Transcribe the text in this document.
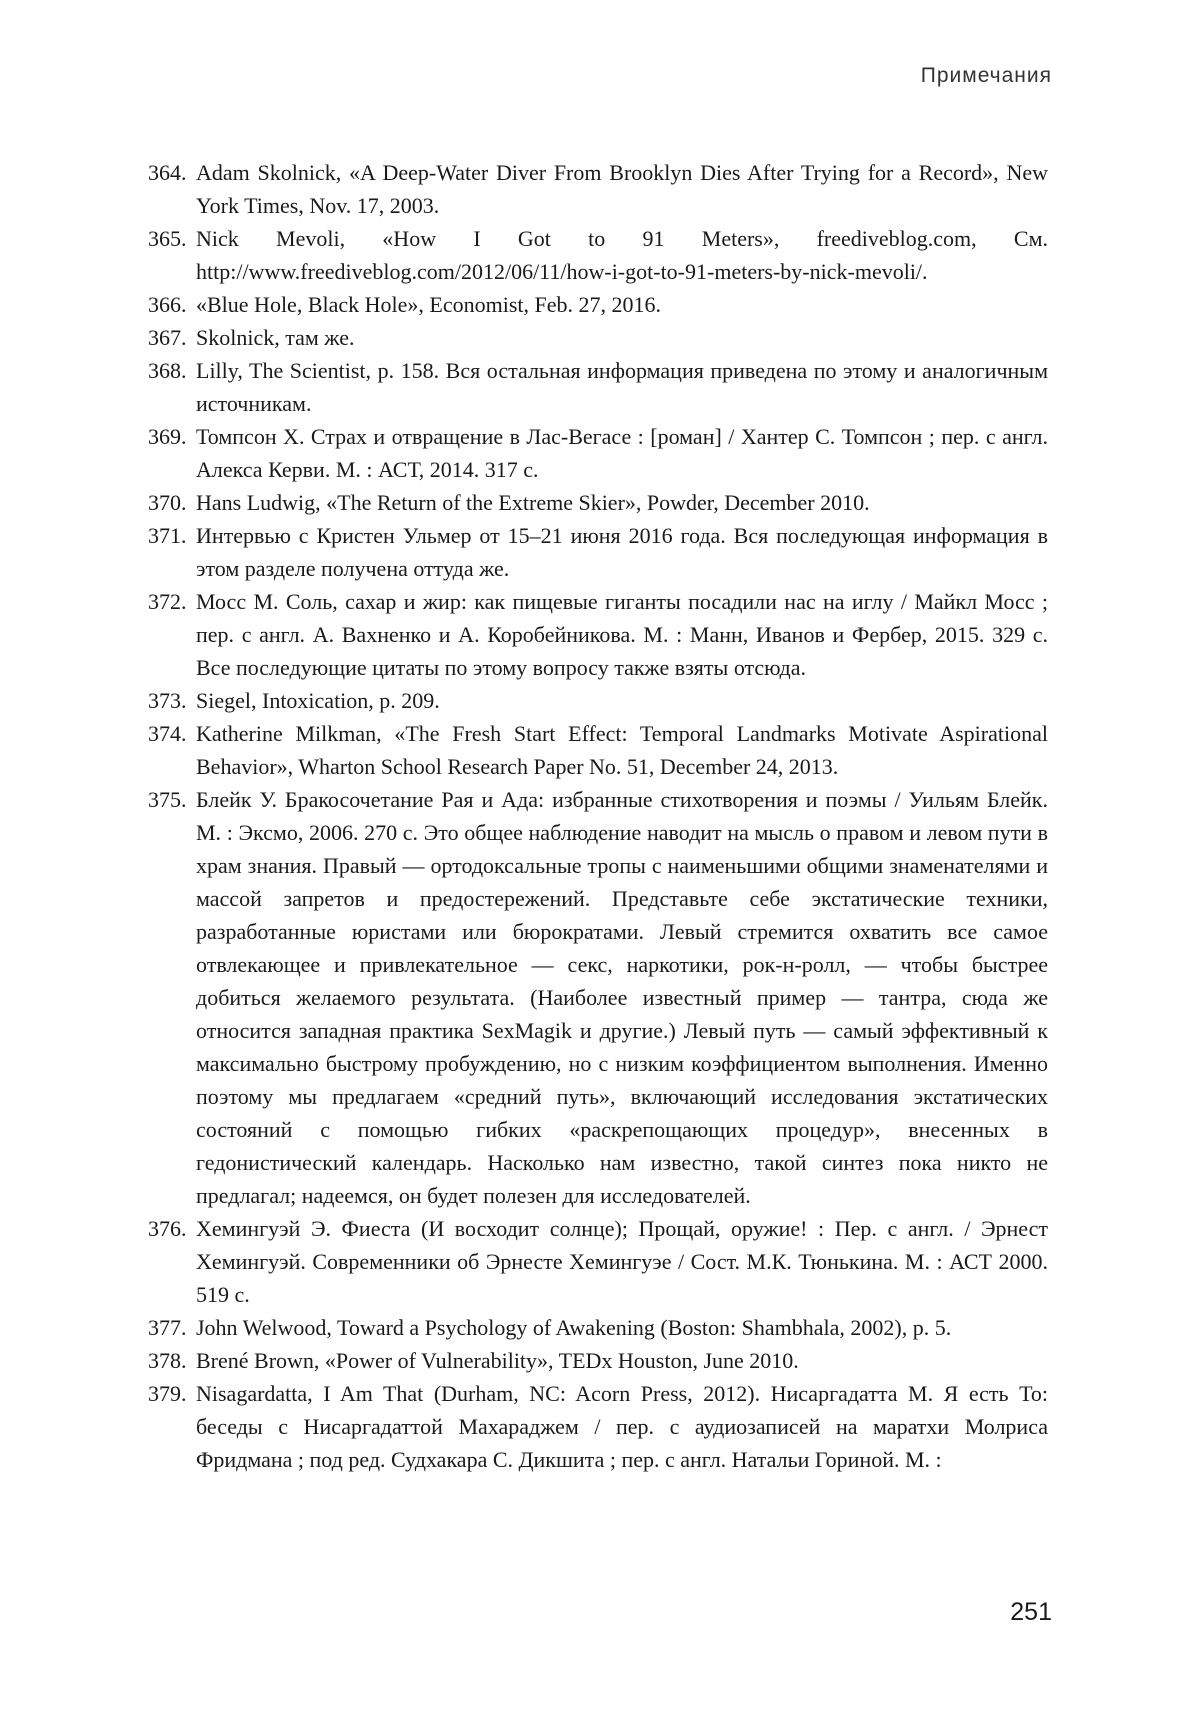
Примечания
364. Adam Skolnick, «A Deep-Water Diver From Brooklyn Dies After Trying for a Record», New York Times, Nov. 17, 2003.
365. Nick Mevoli, «How I Got to 91 Meters», freediveblog.com, См. http://www.freediveblog.com/2012/06/11/how-i-got-to-91-meters-by-nick-mevoli/.
366. «Blue Hole, Black Hole», Economist, Feb. 27, 2016.
367. Skolnick, там же.
368. Lilly, The Scientist, p. 158. Вся остальная информация приведена по этому и аналогичным источникам.
369. Томпсон Х. Страх и отвращение в Лас-Вегасе : [роман] / Хантер С. Томпсон ; пер. с англ. Алекса Керви. М. : АСТ, 2014. 317 с.
370. Hans Ludwig, «The Return of the Extreme Skier», Powder, December 2010.
371. Интервью с Кристен Ульмер от 15–21 июня 2016 года. Вся последующая информация в этом разделе получена оттуда же.
372. Мосс М. Соль, сахар и жир: как пищевые гиганты посадили нас на иглу / Майкл Мосс ; пер. с англ. А. Вахненко и А. Коробейникова. М. : Манн, Иванов и Фербер, 2015. 329 с. Все последующие цитаты по этому вопросу также взяты отсюда.
373. Siegel, Intoxication, p. 209.
374. Katherine Milkman, «The Fresh Start Effect: Temporal Landmarks Motivate Aspirational Behavior», Wharton School Research Paper No. 51, December 24, 2013.
375. Блейк У. Бракосочетание Рая и Ада: избранные стихотворения и поэмы / Уильям Блейк. М. : Эксмо, 2006. 270 с. Это общее наблюдение наводит на мысль о правом и левом пути в храм знания. Правый — ортодоксальные тропы с наименьшими общими знаменателями и массой запретов и предостережений. Представьте себе экстатические техники, разработанные юристами или бюрократами. Левый стремится охватить все самое отвлекающее и привлекательное — секс, наркотики, рок-н-ролл, — чтобы быстрее добиться желаемого результата. (Наиболее известный пример — тантра, сюда же относится западная практика SexMagik и другие.) Левый путь — самый эффективный к максимально быстрому пробуждению, но с низким коэффициентом выполнения. Именно поэтому мы предлагаем «средний путь», включающий исследования экстатических состояний с помощью гибких «раскрепощающих процедур», внесенных в гедонистический календарь. Насколько нам известно, такой синтез пока никто не предлагал; надеемся, он будет полезен для исследователей.
376. Хемингуэй Э. Фиеста (И восходит солнце); Прощай, оружие! : Пер. с англ. / Эрнест Хемингуэй. Современники об Эрнесте Хемингуэе / Сост. М.К. Тюнькина. М. : АСТ 2000. 519 с.
377. John Welwood, Toward a Psychology of Awakening (Boston: Shambhala, 2002), p. 5.
378. Brené Brown, «Power of Vulnerability», TEDx Houston, June 2010.
379. Nisagardatta, I Am That (Durham, NC: Acorn Press, 2012). Нисаргадатта М. Я есть То: беседы с Нисаргадаттой Махараджем / пер. с аудиозаписей на маратхи Молриса Фридмана ; под ред. Судхакара С. Дикшита ; пер. с англ. Натальи Гориной. М. :
251
